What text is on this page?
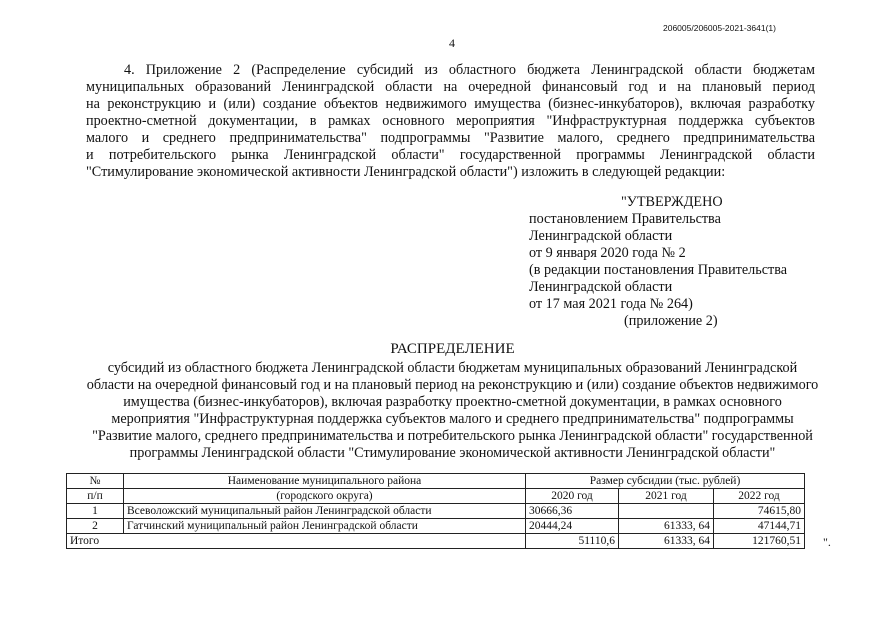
206005/206005-2021-3641(1)
4
4. Приложение 2 (Распределение субсидий из областного бюджета Ленинградской области бюджетам
муниципальных образований Ленинградской области на очередной финансовый год и на плановый период
на реконструкцию и (или) создание объектов недвижимого имущества (бизнес-инкубаторов), включая разработку
проектно-сметной документации, в рамках основного мероприятия "Инфраструктурная поддержка субъектов
малого и среднего предпринимательства" подпрограммы "Развитие малого, среднего предпринимательства
и потребительского рынка Ленинградской области" государственной программы Ленинградской области
"Стимулирование экономической активности Ленинградской области") изложить в следующей редакции:
"УТВЕРЖДЕНО
постановлением Правительства
Ленинградской области
от 9 января 2020 года № 2
(в редакции постановления Правительства
Ленинградской области
от 17 мая 2021 года № 264)
(приложение 2)
РАСПРЕДЕЛЕНИЕ
субсидий из областного бюджета Ленинградской области бюджетам муниципальных образований Ленинградской
области на очередной финансовый год и на плановый период на реконструкцию и (или) создание объектов недвижимого
имущества (бизнес-инкубаторов), включая разработку проектно-сметной документации, в рамках основного
мероприятия "Инфраструктурная поддержка субъектов малого и среднего предпринимательства" подпрограммы
"Развитие малого, среднего предпринимательства и потребительского рынка Ленинградской области" государственной
программы Ленинградской области "Стимулирование экономической активности Ленинградской области"
№	Наименование муниципального района	Размер субсидии (тыс. рублей)		
п/п	(городского округа)	2020 год	2021 год	2022 год
1	Всеволожский муниципальный район Ленинградской области	30666,36		74615,80
2	Гатчинский муниципальный район Ленинградской области	20444,24	61333, 64	47144,71
Итого		51110,6	61333, 64	121760,51 ".
